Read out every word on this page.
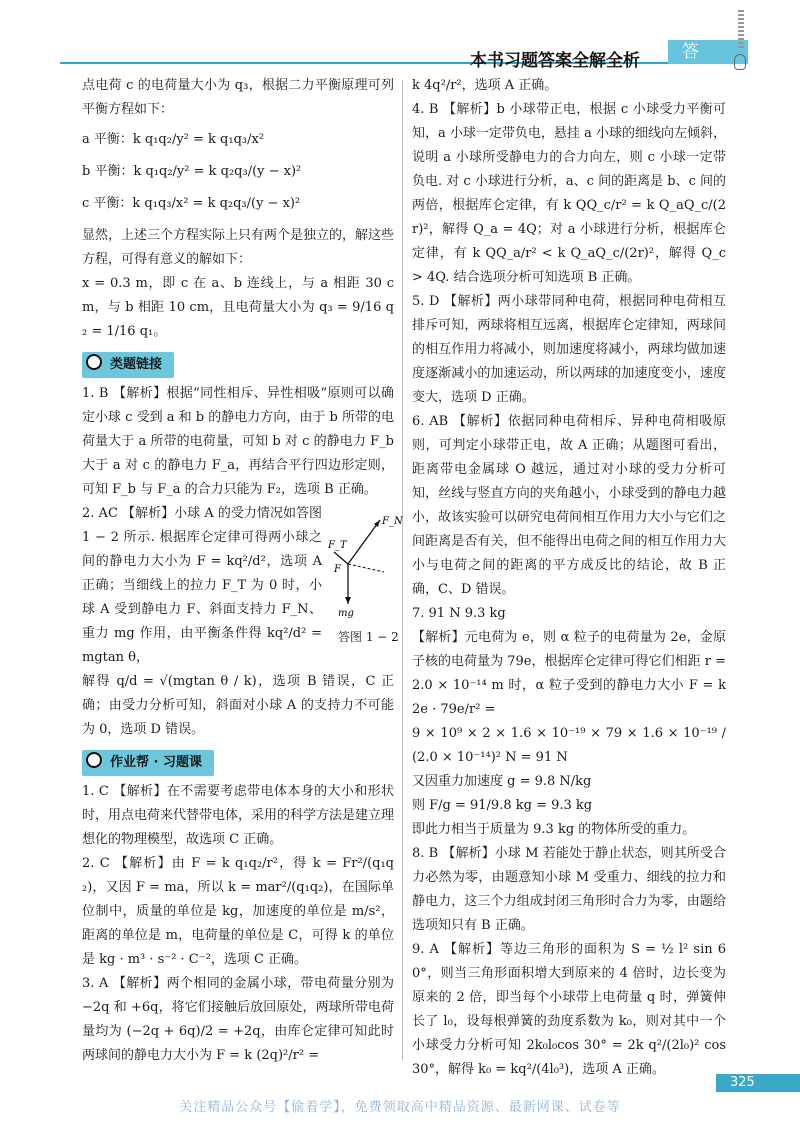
本书习题答案全解全析	答 案

点电荷 c 的电荷量大小为 q₃，根据二力平衡原理可列平衡方程如下：

a 平衡：k q₁q₂/y² = k q₁q₃/x²

b 平衡：k q₁q₂/y² = k q₂q₃/(y − x)²

c 平衡：k q₁q₃/x² = k q₂q₃/(y − x)²

显然，上述三个方程实际上只有两个是独立的，解这些方程，可得有意义的解如下：

x = 0.3 m，即 c 在 a、b 连线上，与 a 相距 30 cm，与 b 相距 10 cm，且电荷量大小为 q₃ = 9/16 q₂ = 1/16 q₁。

类题链接

1. B 【解析】根据“同性相斥、异性相吸”原则可以确定小球 c 受到 a 和 b 的静电力方向，由于 b 所带的电荷量大于 a 所带的电荷量，可知 b 对 c 的静电力 F_b 大于 a 对 c 的静电力 F_a，再结合平行四边形定则，可知 F_b 与 F_a 的合力只能为 F₂，选项 B 正确。

2. AC 【解析】小球 A 的受力情况如答图 1 − 2 所示. 根据库仑定律可得两小球之间的静电力大小为 F = kq²/d²，选项 A 正确；当细线上的拉力 F_T 为 0 时，小球 A 受到静电力 F、斜面支持力 F_N、重力 mg 作用，由平衡条件得 kq²/d² = mgtan θ，

解得 q/d = √(mgtan θ / k)，选项 B 错误，C 正确；由受力分析可知，斜面对小球 A 的支持力不可能为 0，选项 D 错误。

作业帮 · 习题课

1. C 【解析】在不需要考虑带电体本身的大小和形状时，用点电荷来代替带电体，采用的科学方法是建立理想化的物理模型，故选项 C 正确。

2. C 【解析】由 F = k q₁q₂/r²，得 k = Fr²/(q₁q₂)，又因 F = ma，所以 k = mar²/(q₁q₂)，在国际单位制中，质量的单位是 kg，加速度的单位是 m/s²，距离的单位是 m，电荷量的单位是 C，可得 k 的单位是 kg · m³ · s⁻² · C⁻²，选项 C 正确。

3. A 【解析】两个相同的金属小球，带电荷量分别为 −2q 和 +6q，将它们接触后放回原处，两球所带电荷量均为 (−2q + 6q)/2 = +2q，由库仑定律可知此时两球间的静电力大小为 F = k (2q)²/r² =

F_N
F_T
F
mg
答图 1 − 2

k 4q²/r²，选项 A 正确。

4. B 【解析】b 小球带正电，根据 c 小球受力平衡可知，a 小球一定带负电，悬挂 a 小球的细线向左倾斜，说明 a 小球所受静电力的合力向左，则 c 小球一定带负电. 对 c 小球进行分析，a、c 间的距离是 b、c 间的两倍，根据库仑定律，有 k QQ_c/r² = k Q_aQ_c/(2r)²，解得 Q_a = 4Q；对 a 小球进行分析，根据库仑定律，有 k QQ_a/r² < k Q_aQ_c/(2r)²，解得 Q_c > 4Q. 结合选项分析可知选项 B 正确。

5. D 【解析】两小球带同种电荷，根据同种电荷相互排斥可知，两球将相互远离，根据库仑定律知，两球间的相互作用力将减小，则加速度将减小，两球均做加速度逐渐减小的加速运动，所以两球的加速度变小，速度变大，选项 D 正确。

6. AB 【解析】依据同种电荷相斥、异种电荷相吸原则，可判定小球带正电，故 A 正确；从题图可看出，距离带电金属球 O 越远，通过对小球的受力分析可知，丝线与竖直方向的夹角越小，小球受到的静电力越小，故该实验可以研究电荷间相互作用力大小与它们之间距离是否有关，但不能得出电荷之间的相互作用力大小与电荷之间的距离的平方成反比的结论，故 B 正确，C、D 错误。

7. 91 N 9.3 kg

【解析】元电荷为 e，则 α 粒子的电荷量为 2e，金原子核的电荷量为 79e，根据库仑定律可得它们相距 r = 2.0 × 10⁻¹⁴ m 时，α 粒子受到的静电力大小 F = k 2e · 79e/r² =

9 × 10⁹ × 2 × 1.6 × 10⁻¹⁹ × 79 × 1.6 × 10⁻¹⁹ / (2.0 × 10⁻¹⁴)² N = 91 N

又因重力加速度 g = 9.8 N/kg

则 F/g = 91/9.8 kg = 9.3 kg

即此力相当于质量为 9.3 kg 的物体所受的重力。

8. B 【解析】小球 M 若能处于静止状态，则其所受合力必然为零，由题意知小球 M 受重力、细线的拉力和静电力，这三个力组成封闭三角形时合力为零，由题给选项知只有 B 正确。

9. A 【解析】等边三角形的面积为 S = ½ l² sin 60°，则当三角形面积增大到原来的 4 倍时，边长变为原来的 2 倍，即当每个小球带上电荷量 q 时，弹簧伸长了 l₀，设每根弹簧的劲度系数为 k₀，则对其中一个小球受力分析可知 2k₀l₀cos 30° = 2k q²/(2l₀)² cos 30°，解得 k₀ = kq²/(4l₀³)，选项 A 正确。

325
关注精品公众号【偷着学】，免费领取高中精品资源、最新网课、试卷等
